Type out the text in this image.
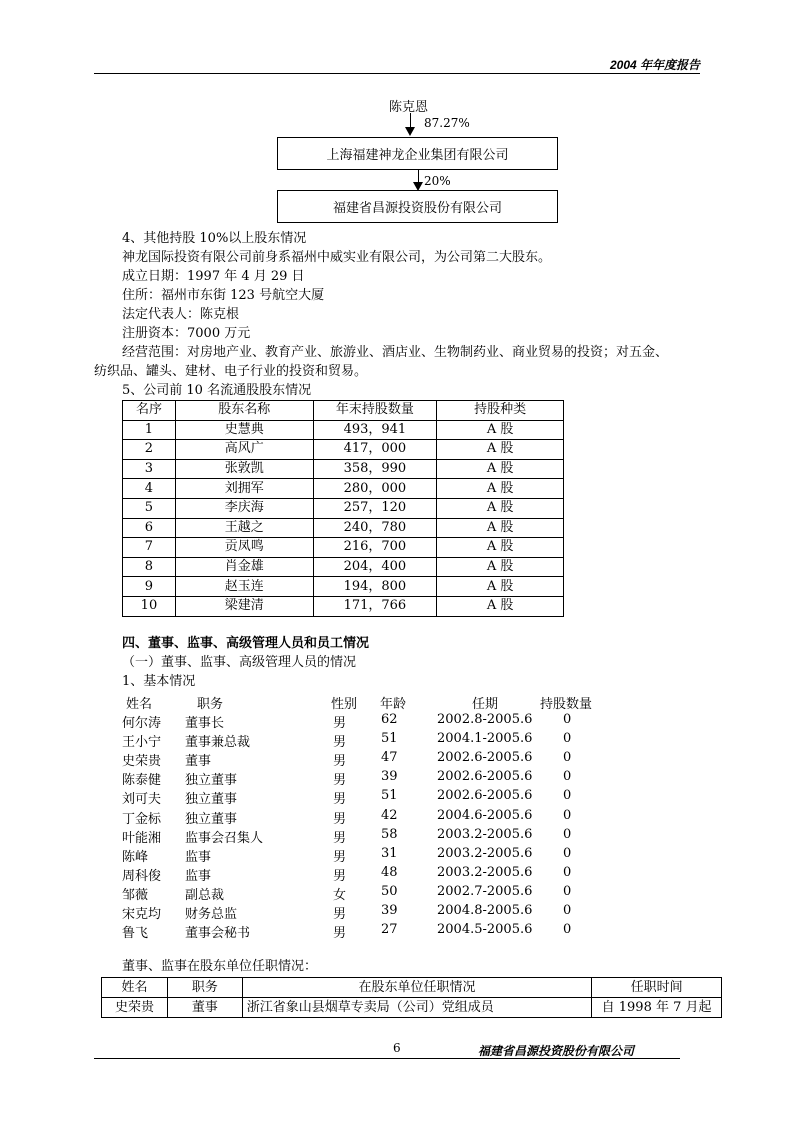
2004 年年度报告
陈克恩
87.27%
上海福建神龙企业集团有限公司
20%
福建省昌源投资股份有限公司
4、其他持股 10%以上股东情况
神龙国际投资有限公司前身系福州中威实业有限公司，为公司第二大股东。
成立日期：1997 年 4 月 29 日
住所：福州市东街 123 号航空大厦
法定代表人：陈克根
注册资本：7000 万元
经营范围：对房地产业、教育产业、旅游业、酒店业、生物制药业、商业贸易的投资；对五金、
纺织品、罐头、建材、电子行业的投资和贸易。
5、公司前 10 名流通股股东情况
名序	股东名称	年末持股数量	持股种类
1	史慧典	493，941	A 股
2	高风广	417，000	A 股
3	张敦凯	358，990	A 股
4	刘拥军	280，000	A 股
5	李庆海	257，120	A 股
6	王越之	240，780	A 股
7	贡凤鸣	216，700	A 股
8	肖金雄	204，400	A 股
9	赵玉连	194，800	A 股
10	梁建清	171，766	A 股
四、董事、监事、高级管理人员和员工情况
（一）董事、监事、高级管理人员的情况
1、基本情况
姓名	职务	性别 年龄	任期	持股数量
何尔涛 董事长	男	62	2002.8-2005.6 0
王小宁 董事兼总裁	男	51	2004.1-2005.6 0
史荣贵 董事	男	47	2002.6-2005.6 0
陈泰健 独立董事	男	39	2002.6-2005.6 0
刘可夫 独立董事	男	51	2002.6-2005.6 0
丁金标 独立董事	男	42	2004.6-2005.6 0
叶能湘 监事会召集人	男	58	2003.2-2005.6 0
陈峰	监事	男	31	2003.2-2005.6 0
周科俊 监事	男	48	2003.2-2005.6 0
邹薇	副总裁	女	50	2002.7-2005.6 0
宋克均 财务总监	男	39	2004.8-2005.6 0
鲁飞	董事会秘书	男	27	2004.5-2005.6 0
董事、监事在股东单位任职情况：
姓名	职务	在股东单位任职情况	任职时间
史荣贵	董事	浙江省象山县烟草专卖局（公司）党组成员	自 1998 年 7 月起
6	福建省昌源投资股份有限公司
